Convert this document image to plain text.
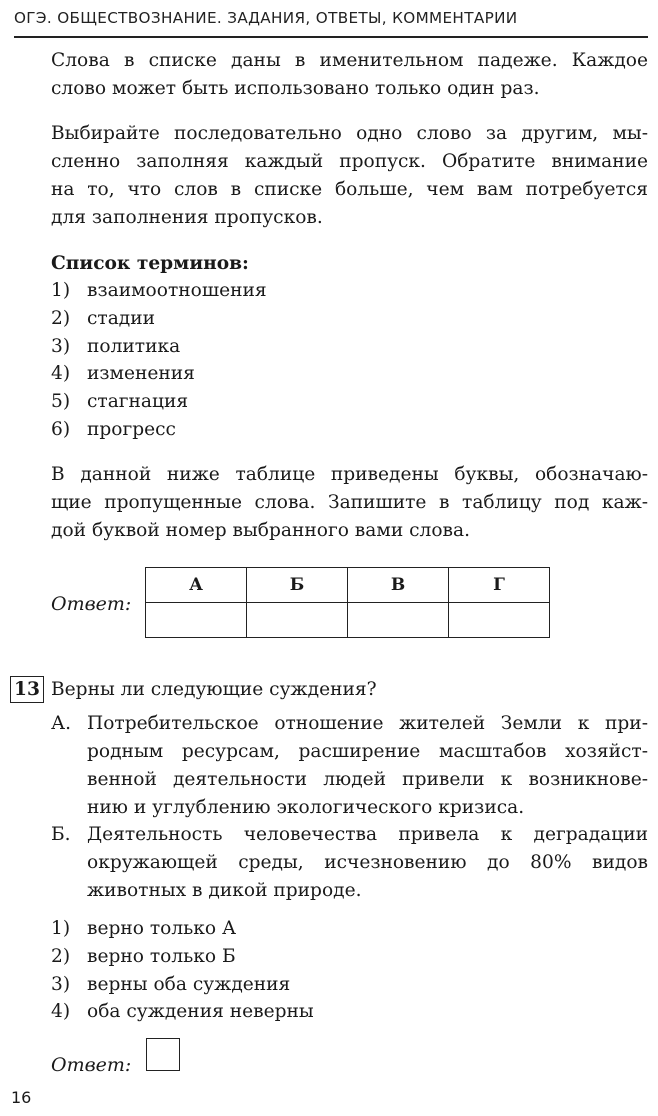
ОГЭ. ОБЩЕСТВОЗНАНИЕ. ЗАДАНИЯ, ОТВЕТЫ, КОММЕНТАРИИ
Слова в списке даны в именительном падеже. Каждое
слово может быть использовано только один раз.
Выбирайте последовательно одно слово за другим, мы-
сленно заполняя каждый пропуск. Обратите внимание
на то, что слов в списке больше, чем вам потребуется
для заполнения пропусков.
Список терминов:
1) взаимоотношения
2) стадии
3) политика
4) изменения
5) стагнация
6) прогресс
В данной ниже таблице приведены буквы, обозначаю-
щие пропущенные слова. Запишите в таблицу под каж-
дой буквой номер выбранного вами слова.
Ответ:
А	Б	В	Г

13 Верны ли следующие суждения?
А. Потребительское отношение жителей Земли к при-
родным ресурсам, расширение масштабов хозяйст-
венной деятельности людей привели к возникнове-
нию и углублению экологического кризиса.
Б. Деятельность человечества привела к деградации
окружающей среды, исчезновению до 80% видов
животных в дикой природе.
1) верно только А
2) верно только Б
3) верны оба суждения
4) оба суждения неверны
Ответ:
16
